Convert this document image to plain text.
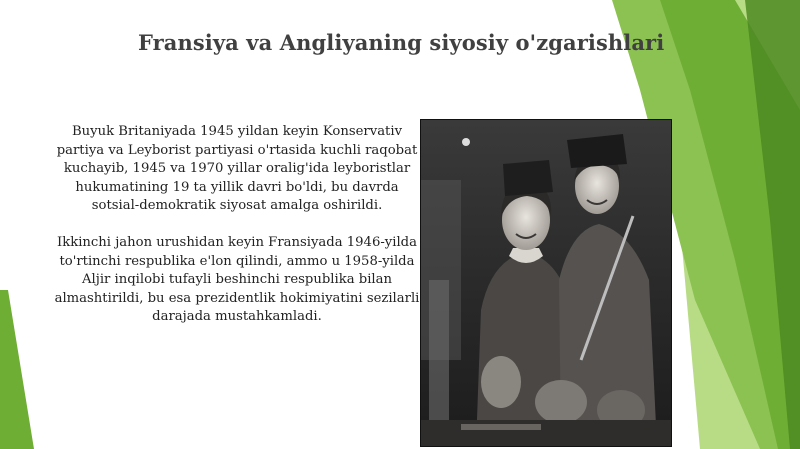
Fransiya va Angliyaning siyosiy o'zgarishlari

Buyuk Britaniyada 1945 yildan keyin Konservativ partiya va Leyborist partiyasi o'rtasida kuchli raqobat kuchayib, 1945 va 1970 yillar oralig'ida leyboristlar hukumatining 19 ta yillik davri bo'ldi, bu davrda sotsial-demokratik siyosat amalga oshirildi.

Ikkinchi jahon urushidan keyin Fransiyada 1946-yilda to'rtinchi respublika e'lon qilindi, ammo u 1958-yilda Aljir inqilobi tufayli beshinchi respublika bilan almashtirildi, bu esa prezidentlik hokimiyatini sezilarli darajada mustahkamladi.
